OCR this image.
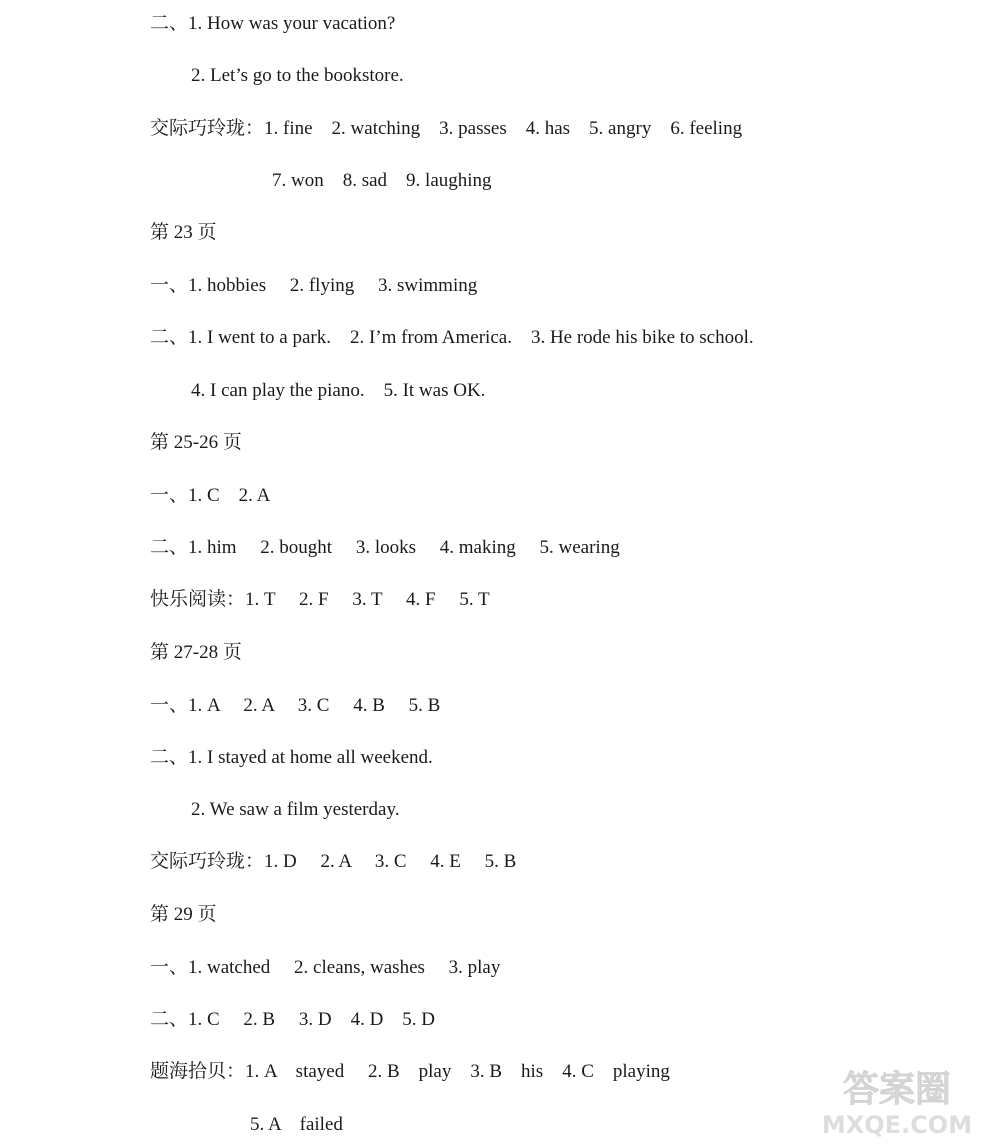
二、1. How was your vacation?
2. Let’s go to the bookstore.
交际巧玲珑：1. fine    2. watching    3. passes    4. has    5. angry    6. feeling
7. won    8. sad    9. laughing
第 23 页
一、1. hobbies     2. flying     3. swimming
二、1. I went to a park.    2. I’m from America.    3. He rode his bike to school.
4. I can play the piano.    5. It was OK.
第 25-26 页
一、1. C    2. A
二、1. him     2. bought     3. looks     4. making     5. wearing
快乐阅读：1. T     2. F     3. T     4. F     5. T
第 27-28 页
一、1. A     2. A     3. C     4. B     5. B
二、1. I stayed at home all weekend.
2. We saw a film yesterday.
交际巧玲珑：1. D     2. A     3. C     4. E     5. B
第 29 页
一、1. watched     2. cleans, washes     3. play
二、1. C     2. B     3. D    4. D    5. D
题海拾贝：1. A    stayed     2. B    play    3. B    his    4. C    playing
5. A    failed
答案圈
MXQE.COM
